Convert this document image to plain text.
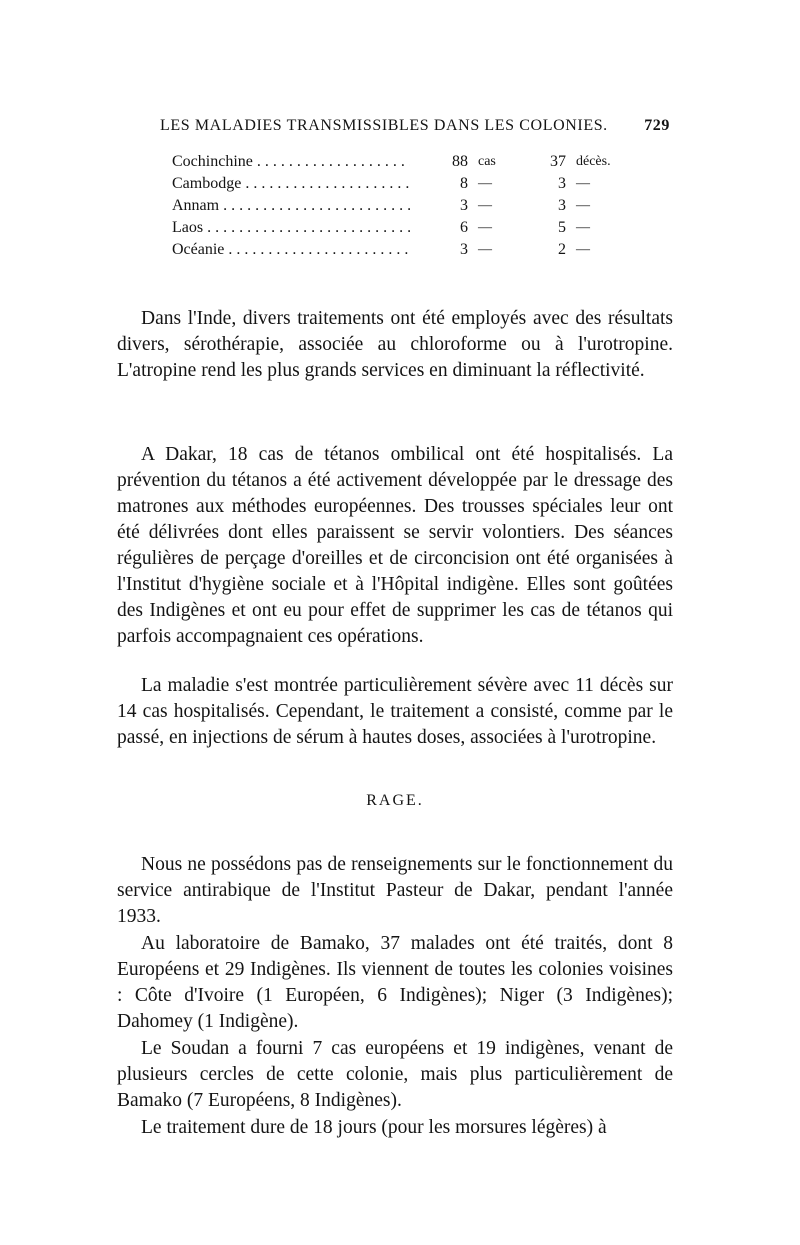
LES MALADIES TRANSMISSIBLES DANS LES COLONIES. 729
Cochinchine . . .	88 cas	37 décès.
Cambodge . . .	8 —	3 —
Annam . . .	3 —	3 —
Laos . . .	6 —	5 —
Océanie . . .	3 —	2 —

Dans l'Inde, divers traitements ont été employés avec des résultats divers, sérothérapie, associée au chloroforme ou à l'urotropine. L'atropine rend les plus grands services en diminuant la réflectivité.

A Dakar, 18 cas de tétanos ombilical ont été hospitalisés. La prévention du tétanos a été activement développée par le dressage des matrones aux méthodes européennes. Des trousses spéciales leur ont été délivrées dont elles paraissent se servir volontiers. Des séances régulières de perçage d'oreilles et de circoncision ont été organisées à l'Institut d'hygiène sociale et à l'Hôpital indigène. Elles sont goûtées des Indigènes et ont eu pour effet de supprimer les cas de tétanos qui parfois accompagnaient ces opérations.

La maladie s'est montrée particulièrement sévère avec 11 décès sur 14 cas hospitalisés. Cependant, le traitement a consisté, comme par le passé, en injections de sérum à hautes doses, associées à l'urotropine.

RAGE.

Nous ne possédons pas de renseignements sur le fonctionnement du service antirabique de l'Institut Pasteur de Dakar, pendant l'année 1933.

Au laboratoire de Bamako, 37 malades ont été traités, dont 8 Européens et 29 Indigènes. Ils viennent de toutes les colonies voisines : Côte d'Ivoire (1 Européen, 6 Indigènes); Niger (3 Indigènes); Dahomey (1 Indigène).

Le Soudan a fourni 7 cas européens et 19 indigènes, venant de plusieurs cercles de cette colonie, mais plus particulièrement de Bamako (7 Européens, 8 Indigènes).

Le traitement dure de 18 jours (pour les morsures légères) à
